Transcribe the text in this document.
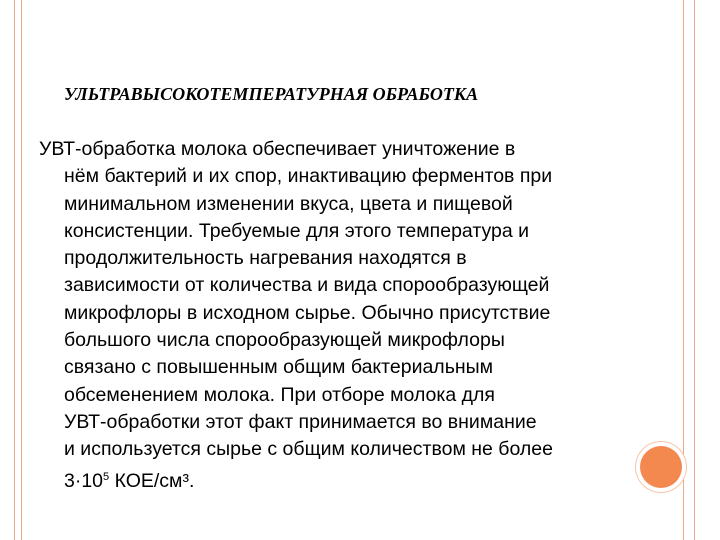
УЛЬТРАВЫСОКОТЕМПЕРАТУРНАЯ ОБРАБОТКА
УВТ-обработка молока обеспечивает уничтожение в
нём бактерий и их спор, инактивацию ферментов при
минимальном изменении вкуса, цвета и пищевой
консистенции. Требуемые для этого температура и
продолжительность нагревания находятся в
зависимости от количества и вида спорообразующей
микрофлоры в исходном сырье. Обычно присутствие
большого числа спорообразующей микрофлоры
связано с повышенным общим бактериальным
обсеменением молока. При отборе молока для
УВТ-обработки этот факт принимается во внимание
и используется сырье с общим количеством не более
$3\cdot 10^5$ КОЕ/см³.
